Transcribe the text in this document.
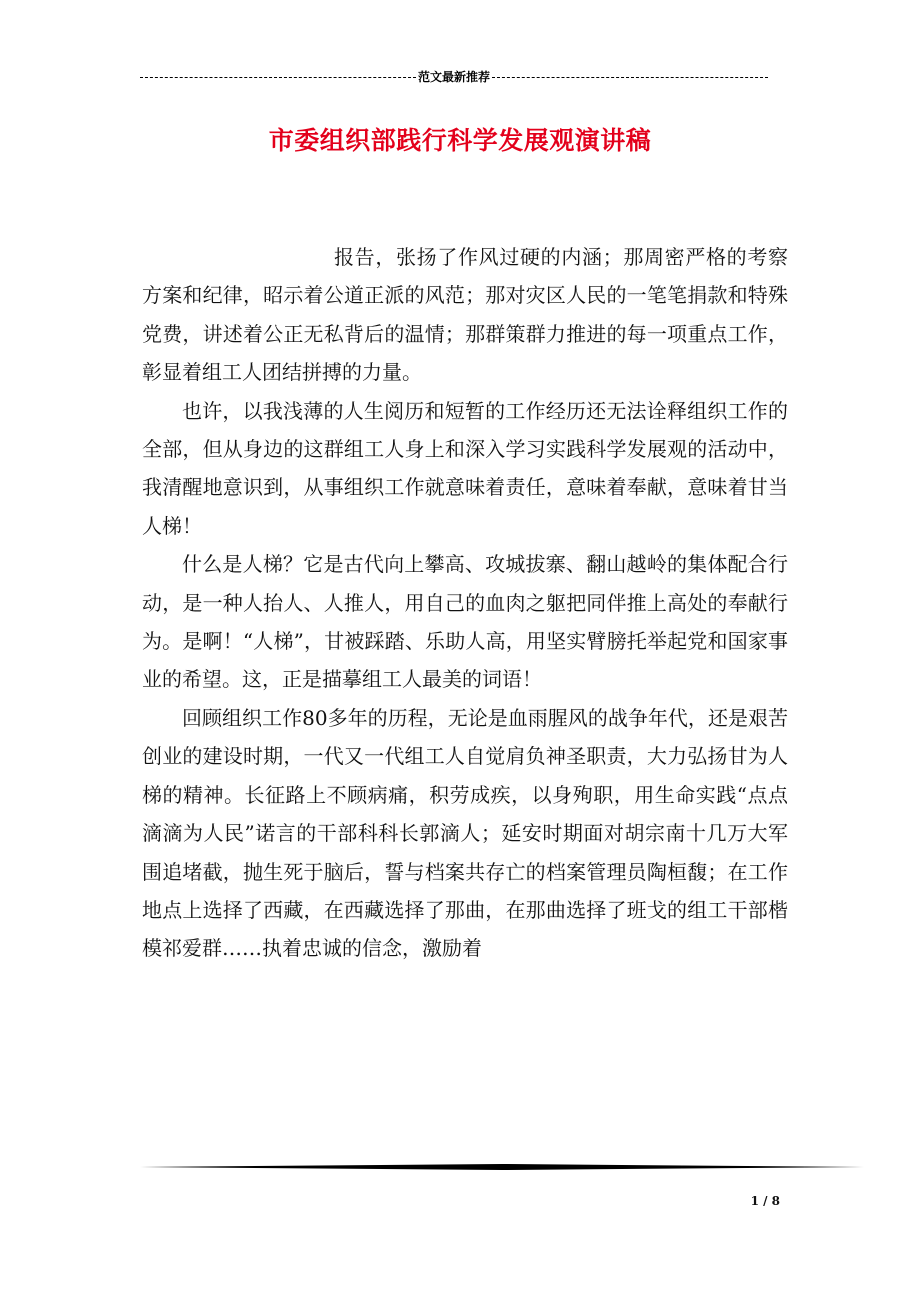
范文最新推荐
市委组织部践行科学发展观演讲稿

报告，张扬了作风过硬的内涵；那周密严格的考察方案和纪律，昭示着公道正派的风范；那对灾区人民的一笔笔捐款和特殊党费，讲述着公正无私背后的温情；那群策群力推进的每一项重点工作，彰显着组工人团结拼搏的力量。

也许，以我浅薄的人生阅历和短暂的工作经历还无法诠释组织工作的全部，但从身边的这群组工人身上和深入学习实践科学发展观的活动中，我清醒地意识到，从事组织工作就意味着责任，意味着奉献，意味着甘当人梯！

什么是人梯？它是古代向上攀高、攻城拔寨、翻山越岭的集体配合行动，是一种人抬人、人推人，用自己的血肉之躯把同伴推上高处的奉献行为。是啊！“人梯”，甘被踩踏、乐助人高，用坚实臂膀托举起党和国家事业的希望。这，正是描摹组工人最美的词语！

回顾组织工作80多年的历程，无论是血雨腥风的战争年代，还是艰苦创业的建设时期，一代又一代组工人自觉肩负神圣职责，大力弘扬甘为人梯的精神。长征路上不顾病痛，积劳成疾，以身殉职，用生命实践“点点滴滴为人民”诺言的干部科科长郭滴人；延安时期面对胡宗南十几万大军围追堵截，抛生死于脑后，誓与档案共存亡的档案管理员陶桓馥；在工作地点上选择了西藏，在西藏选择了那曲，在那曲选择了班戈的组工干部楷模祁爱群……执着忠诚的信念，激励着

1 / 8
